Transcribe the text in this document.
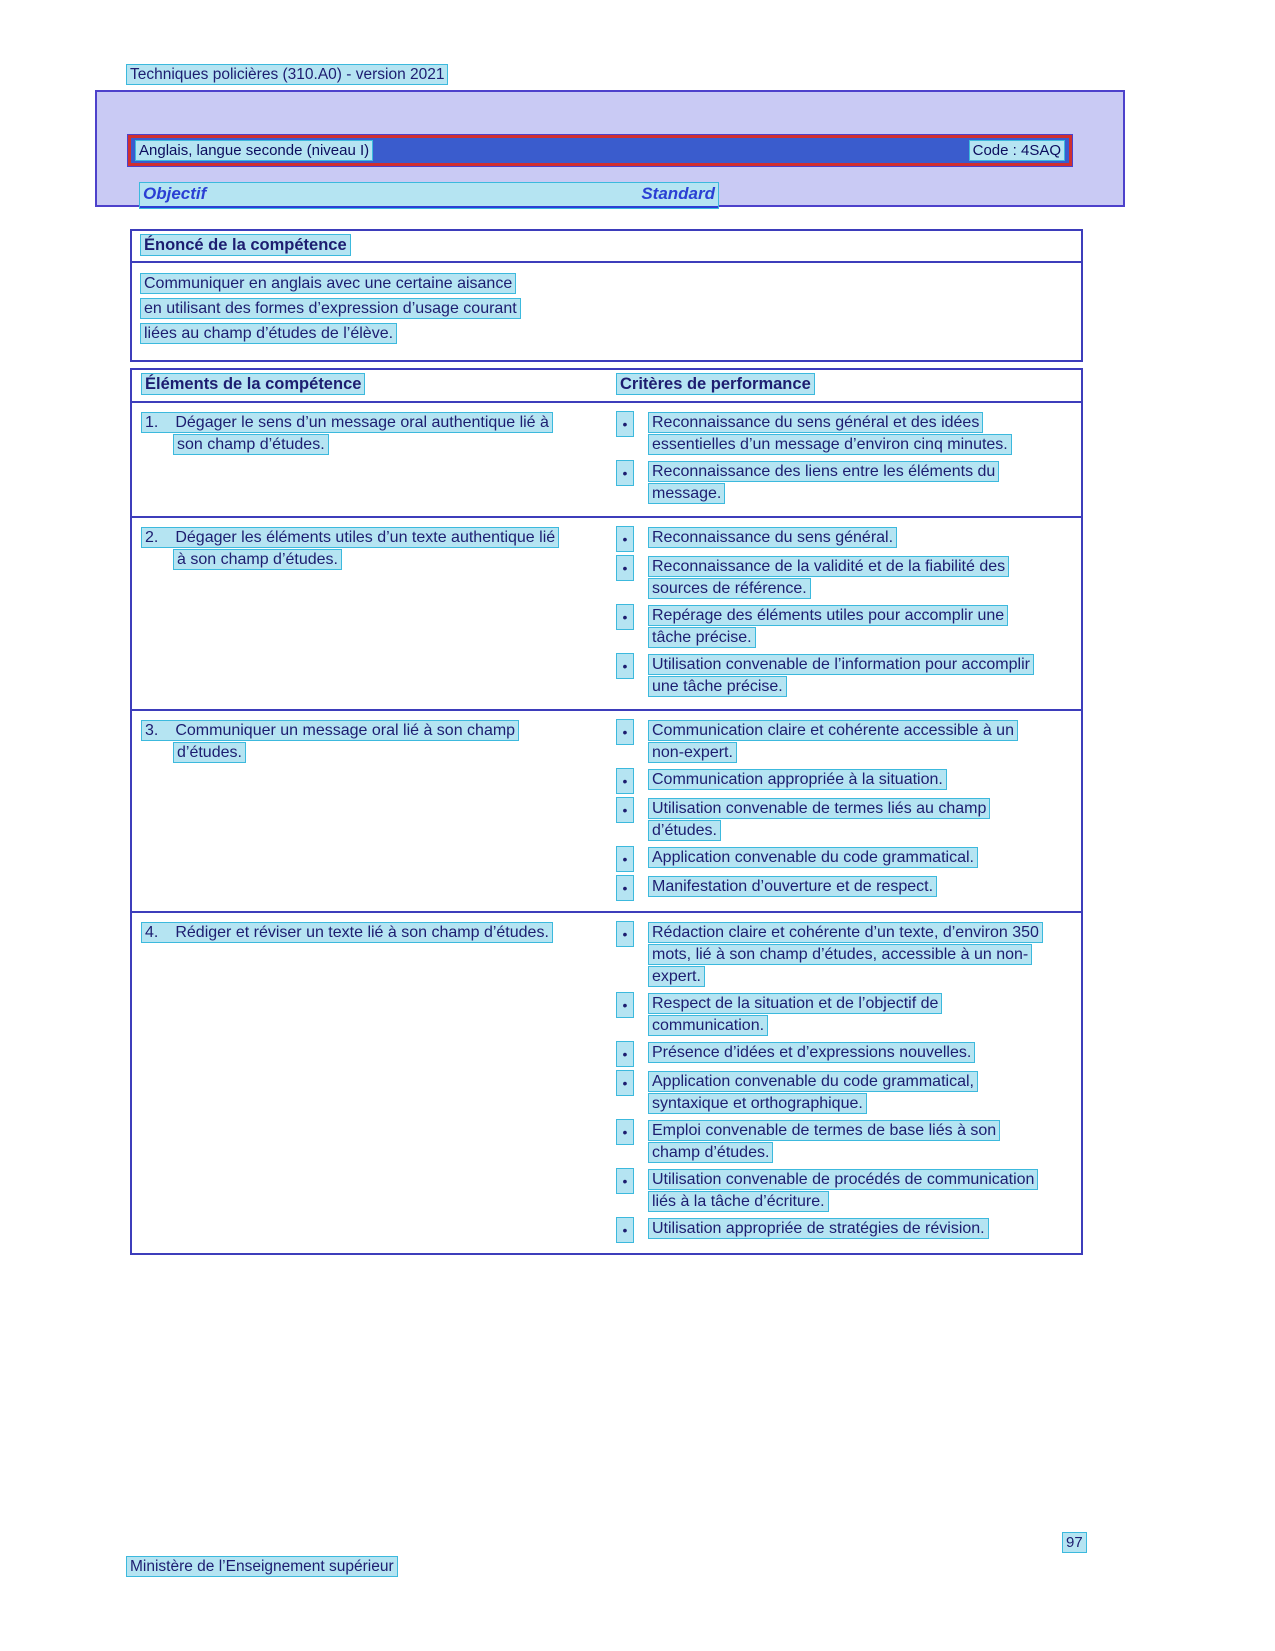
Techniques policières (310.A0) - version 2021
Anglais, langue seconde (niveau I)	Code : 4SAQ
Objectif	Standard
Énoncé de la compétence
Communiquer en anglais avec une certaine aisance
en utilisant des formes d’expression d’usage courant
liées au champ d’études de l’élève.
Éléments de la compétence	Critères de performance
1. Dégager le sens d’un message oral authentique lié à son champ d’études.
•	Reconnaissance du sens général et des idées essentielles d’un message d’environ cinq minutes.
•	Reconnaissance des liens entre les éléments du message.
2. Dégager les éléments utiles d’un texte authentique lié à son champ d’études.
•	Reconnaissance du sens général.
•	Reconnaissance de la validité et de la fiabilité des sources de référence.
•	Repérage des éléments utiles pour accomplir une tâche précise.
•	Utilisation convenable de l’information pour accomplir une tâche précise.
3. Communiquer un message oral lié à son champ d’études.
•	Communication claire et cohérente accessible à un non-expert.
•	Communication appropriée à la situation.
•	Utilisation convenable de termes liés au champ d’études.
•	Application convenable du code grammatical.
•	Manifestation d’ouverture et de respect.
4. Rédiger et réviser un texte lié à son champ d’études.	•	Rédaction claire et cohérente d’un texte, d’environ 350 mots, lié à son champ d’études, accessible à un non-expert.
•	Respect de la situation et de l’objectif de communication.
•	Présence d’idées et d’expressions nouvelles.
•	Application convenable du code grammatical, syntaxique et orthographique.
•	Emploi convenable de termes de base liés à son champ d’études.
•	Utilisation convenable de procédés de communication liés à la tâche d’écriture.
•	Utilisation appropriée de stratégies de révision.
97
Ministère de l’Enseignement supérieur
